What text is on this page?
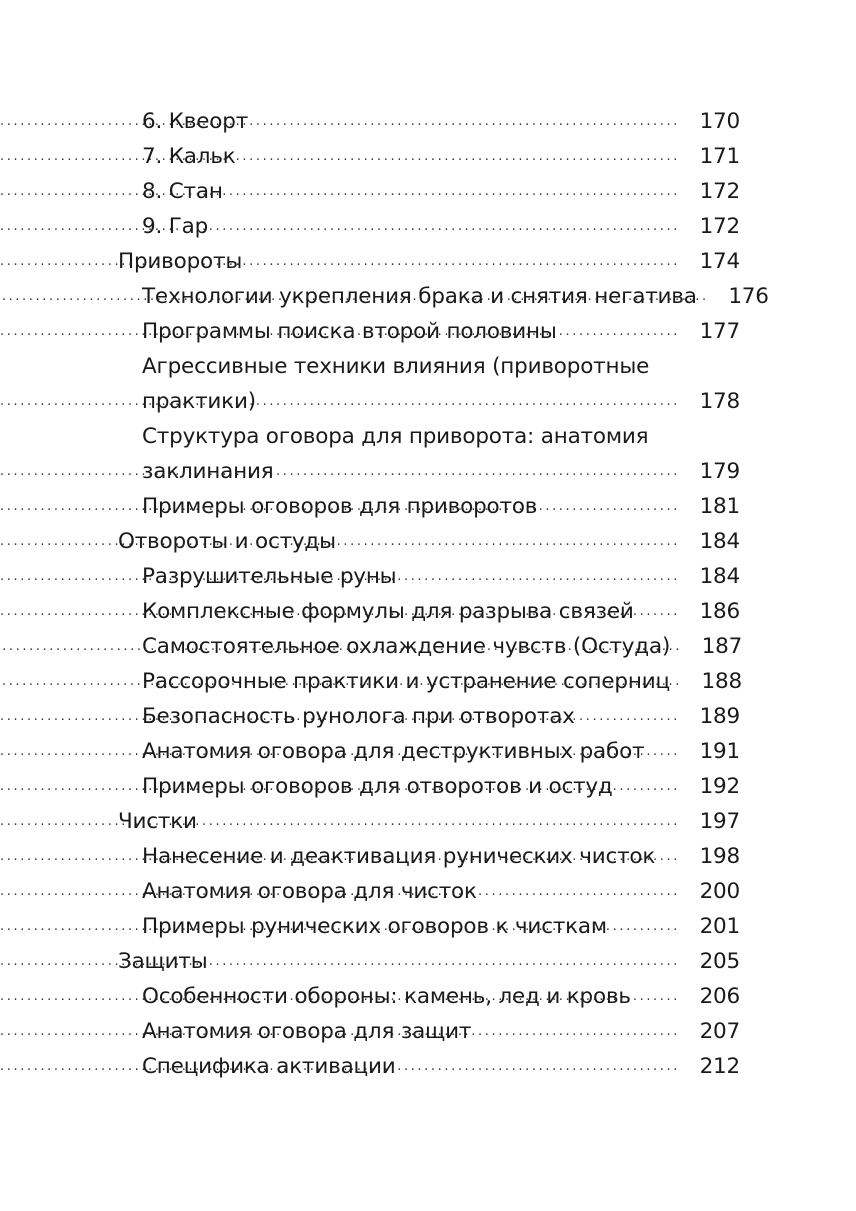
6. Квеорт .....	170
7. Кальк .....	171
8. Стан .....	172
9. Гар .....	172
Привороты .....	174
Технологии укрепления брака и снятия негатива 176
Программы поиска второй половины .....	177
Агрессивные техники влияния (приворотные
практики) .....	178
Структура оговора для приворота: анатомия
заклинания .....	179
Примеры оговоров для приворотов .....	181
Отвороты и остуды .....	184
Разрушительные руны .....	184
Комплексные формулы для разрыва связей .....	186
Самостоятельное охлаждение чувств (Остуда) 187
Рассорочные практики и устранение соперниц 188
Безопасность рунолога при отворотах .....	189
Анатомия оговора для деструктивных работ .....	191
Примеры оговоров для отворотов и остуд .....	192
Чистки .....	197
Нанесение и деактивация рунических чисток ..... 198
Анатомия оговора для чисток .....	200
Примеры рунических оговоров к чисткам .....	201
Защиты .....	205
Особенности обороны: камень, лед и кровь .....	206
Анатомия оговора для защит .....	207
Специфика активации .....	212
